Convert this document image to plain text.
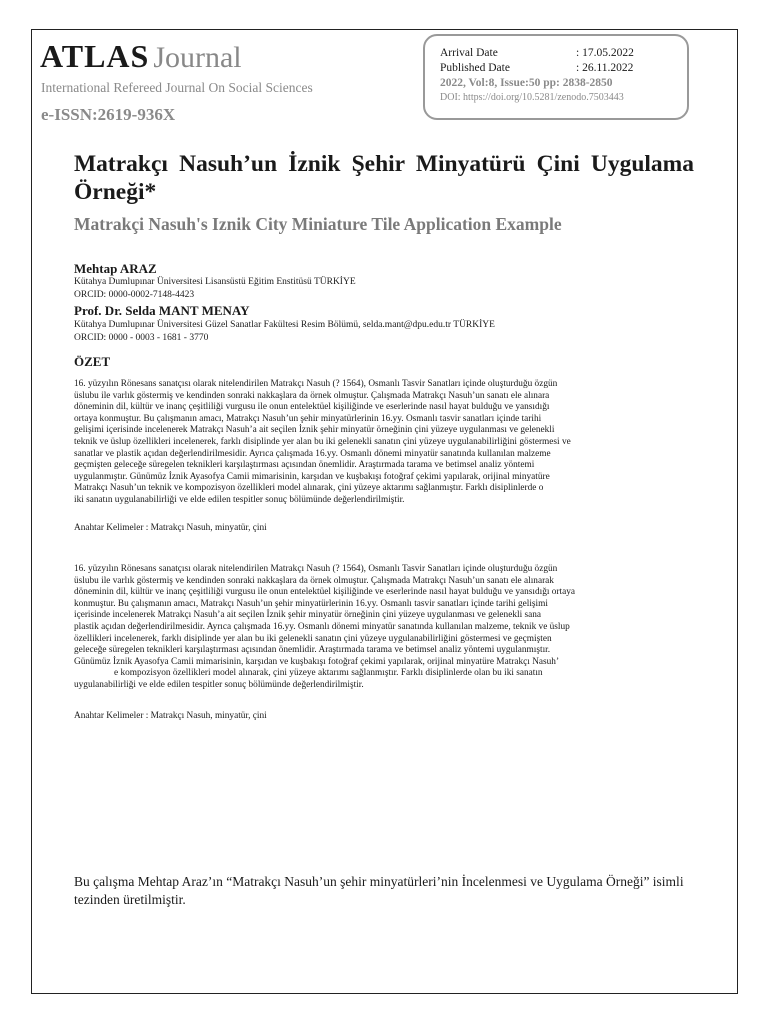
ATLAS Journal
International Refereed Journal On Social Sciences
e-ISSN:2619-936X
Arrival Date	: 17.05.2022
Published Date	: 26.11.2022
2022, Vol:8, Issue:50 pp: 2838-2850
DOI: https://doi.org/10.5281/zenodo.7503443
Matrakçı Nasuh’un İznik Şehir Minyatürü Çini Uygulama Örneği*
Matrakçi Nasuh's Iznik City Miniature Tile Application Example
Mehtap ARAZ
Kütahya Dumlupınar Üniversitesi Lisansüstü Eğitim Enstitüsü TÜRKİYE
ORCID: 0000-0002-7148-4423
Prof. Dr. Selda MANT MENAY
Kütahya Dumlupınar Üniversitesi Güzel Sanatlar Fakültesi Resim Bölümü, selda.mant@dpu.edu.tr TÜRKİYE
ORCID: 0000 - 0003 - 1681 - 3770
ÖZET

16. yüzyılın Rönesans sanatçısı olarak nitelendirilen Matrakçı Nasuh (? 1564), Osmanlı Tasvir Sanatları içinde oluşturduğu özgün

üslubu ile varlık göstermiş ve kendinden sonraki nakkaşlara da örnek olmuştur. Çalışmada Matrakçı Nasuh’un sanatı ele alınara

döneminin dil, kültür ve inanç çeşitliliği vurgusu ile onun entelektüel kişiliğinde ve eserlerinde nasıl hayat bulduğu ve yansıdığı

ortaya konmuştur. Bu çalışmanın amacı, Matrakçı Nasuh’un şehir minyatürlerinin 16.yy. Osmanlı tasvir sanatları içinde tarihi

gelişimi içerisinde incelenerek Matrakçı Nasuh’a ait seçilen İznik şehir minyatür örneğinin çini yüzeye uygulanması ve gelenekli

teknik ve üslup özellikleri incelenerek, farklı disiplinde yer alan bu iki gelenekli sanatın çini yüzeye uygulanabilirliğini göstermesi ve

sanatlar ve plastik açıdan değerlendirilmesidir. Ayrıca çalışmada 16.yy. Osmanlı dönemi minyatür sanatında kullanılan malzeme

geçmişten geleceğe süregelen teknikleri karşılaştırması açısından önemlidir. Araştırmada tarama ve betimsel analiz yöntemi

uygulanmıştır. Günümüz İznik Ayasofya Camii mimarisinin, karşıdan ve kuşbakışı fotoğraf çekimi yapılarak, orijinal minyatüre

Matrakçı Nasuh’un teknik ve kompozisyon özellikleri model alınarak, çini yüzeye aktarımı sağlanmıştır. Farklı disiplinlerde o

iki sanatın uygulanabilirliği ve elde edilen tespitler sonuç bölümünde değerlendirilmiştir.

Anahtar Kelimeler : Matrakçı Nasuh, minyatür, çini

16. yüzyılın Rönesans sanatçısı olarak nitelendirilen Matrakçı Nasuh (? 1564), Osmanlı Tasvir Sanatları içinde oluşturduğu özgün

üslubu ile varlık göstermiş ve kendinden sonraki nakkaşlara da örnek olmuştur. Çalışmada Matrakçı Nasuh’un sanatı ele alınarak

döneminin dil, kültür ve inanç çeşitliliği vurgusu ile onun entelektüel kişiliğinde ve eserlerinde nasıl hayat bulduğu ve yansıdığı ortaya

konmuştur. Bu çalışmanın amacı, Matrakçı Nasuh’un şehir minyatürlerinin 16.yy. Osmanlı tasvir sanatları içinde tarihi gelişimi

içerisinde incelenerek Matrakçı Nasuh’a ait seçilen İznik şehir minyatür örneğinin çini yüzeye uygulanması ve gelenekli sana

plastik açıdan değerlendirilmesidir. Ayrıca çalışmada 16.yy. Osmanlı dönemi minyatür sanatında kullanılan malzeme, teknik ve üslup

özellikleri incelenerek, farklı disiplinde yer alan bu iki gelenekli sanatın çini yüzeye uygulanabilirliğini göstermesi ve geçmişten

geleceğe süregelen teknikleri karşılaştırması açısından önemlidir. Araştırmada tarama ve betimsel analiz yöntemi uygulanmıştır.

Günümüz İznik Ayasofya Camii mimarisinin, karşıdan ve kuşbakışı fotoğraf çekimi yapılarak, orijinal minyatüre Matrakçı Nasuh’

e kompozisyon özellikleri model alınarak, çini yüzeye aktarımı sağlanmıştır. Farklı disiplinlerde olan bu iki sanatın

uygulanabilirliği ve elde edilen tespitler sonuç bölümünde değerlendirilmiştir.

Anahtar Kelimeler : Matrakçı Nasuh, minyatür, çini
Bu çalışma Mehtap Araz’ın “Matrakçı Nasuh’un şehir minyatürleri’nin İncelenmesi ve Uygulama Örneği” isimli tezinden üretilmiştir.
